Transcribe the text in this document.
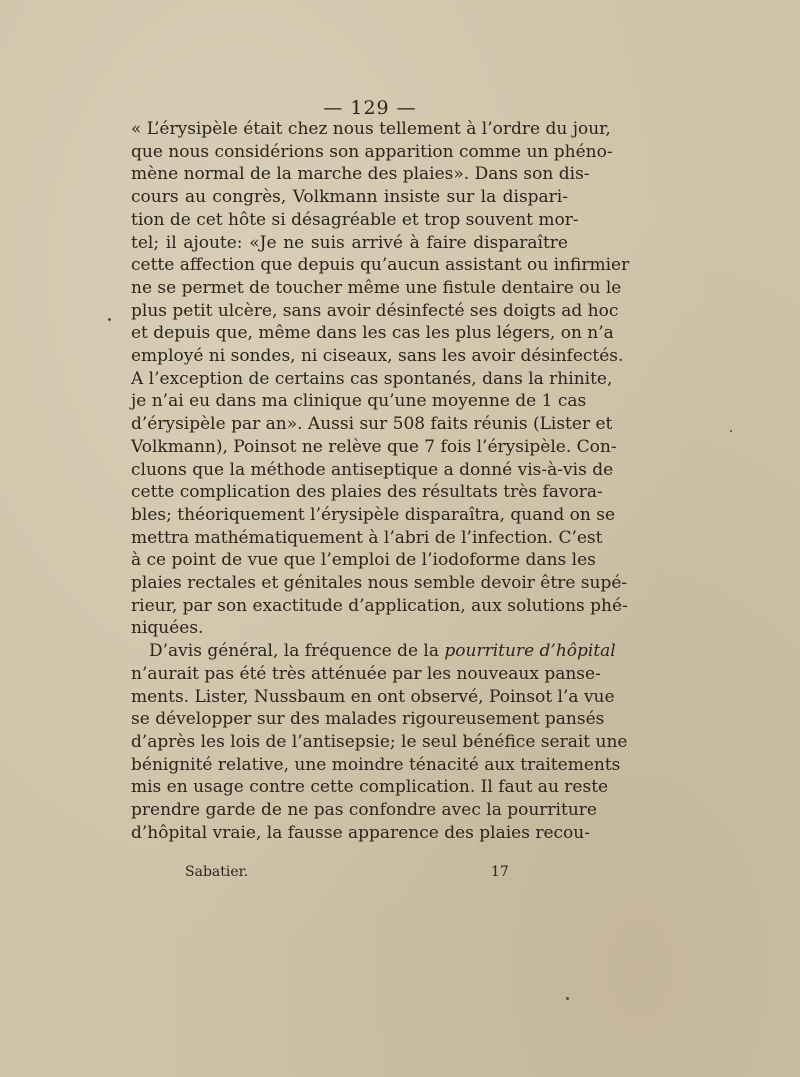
— 129 —
« L’érysipèle était chez nous tellement à l’ordre du jour,
que nous considérions son apparition comme un phéno-
mène normal de la marche des plaies». Dans son dis-
cours au congrès, Volkmann insiste sur la dispari-
tion de cet hôte si désagréable et trop souvent mor-
tel; il ajoute: «Je ne suis arrivé à faire disparaître
cette affection que depuis qu’aucun assistant ou infirmier
ne se permet de toucher même une fistule dentaire ou le
plus petit ulcère, sans avoir désinfecté ses doigts ad hoc
et depuis que, même dans les cas les plus légers, on n’a
employé ni sondes, ni ciseaux, sans les avoir désinfectés.
A l’exception de certains cas spontanés, dans la rhinite,
je n’ai eu dans ma clinique qu’une moyenne de 1 cas
d’érysipèle par an». Aussi sur 508 faits réunis (Lister et
Volkmann), Poinsot ne relève que 7 fois l’érysipèle. Con-
cluons que la méthode antiseptique a donné vis-à-vis de
cette complication des plaies des résultats très favora-
bles; théoriquement l’érysipèle disparaîtra, quand on se
mettra mathématiquement à l’abri de l’infection. C’est
à ce point de vue que l’emploi de l’iodoforme dans les
plaies rectales et génitales nous semble devoir être supé-
rieur, par son exactitude d’application, aux solutions phé-
niquées.
D’avis général, la fréquence de la pourriture d’hôpital
n’aurait pas été très atténuée par les nouveaux panse-
ments. Lister, Nussbaum en ont observé, Poinsot l’a vue
se développer sur des malades rigoureusement pansés
d’après les lois de l’antisepsie; le seul bénéfice serait une
bénignité relative, une moindre ténacité aux traitements
mis en usage contre cette complication. Il faut au reste
prendre garde de ne pas confondre avec la pourriture
d’hôpital vraie, la fausse apparence des plaies recou-
Sabatier.	17
